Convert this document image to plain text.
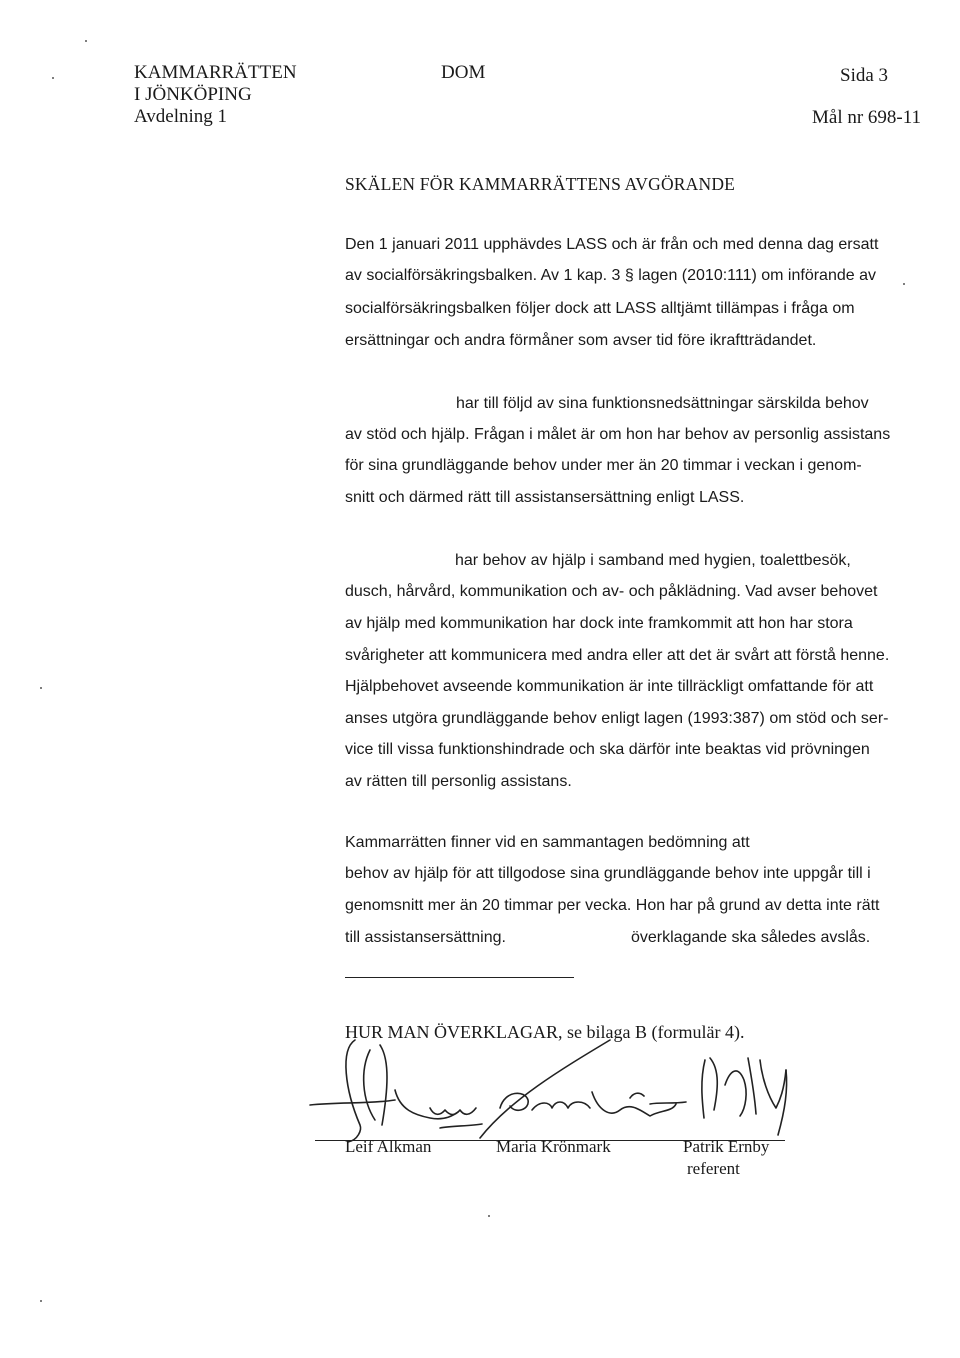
KAMMARRÄTTEN
I JÖNKÖPING
Avdelning 1
DOM	Sida 3
Mål nr 698-11
SKÄLEN FÖR KAMMARRÄTTENS AVGÖRANDE
Den 1 januari 2011 upphävdes LASS och är från och med denna dag ersatt
av socialförsäkringsbalken. Av 1 kap. 3 § lagen (2010:111) om införande av
socialförsäkringsbalken följer dock att LASS alltjämt tillämpas i fråga om
ersättningar och andra förmåner som avser tid före ikraftträdandet.
har till följd av sina funktionsnedsättningar särskilda behov
av stöd och hjälp. Frågan i målet är om hon har behov av personlig assistans
för sina grundläggande behov under mer än 20 timmar i veckan i genom-
snitt och därmed rätt till assistansersättning enligt LASS.
har behov av hjälp i samband med hygien, toalettbesök,
dusch, hårvård, kommunikation och av- och påklädning. Vad avser behovet
av hjälp med kommunikation har dock inte framkommit att hon har stora
svårigheter att kommunicera med andra eller att det är svårt att förstå henne.
Hjälpbehovet avseende kommunikation är inte tillräckligt omfattande för att
anses utgöra grundläggande behov enligt lagen (1993:387) om stöd och ser-
vice till vissa funktionshindrade och ska därför inte beaktas vid prövningen
av rätten till personlig assistans.
Kammarrätten finner vid en sammantagen bedömning att
behov av hjälp för att tillgodose sina grundläggande behov inte uppgår till i
genomsnitt mer än 20 timmar per vecka. Hon har på grund av detta inte rätt
till assistansersättning.	överklagande ska således avslås.
HUR MAN ÖVERKLAGAR, se bilaga B (formulär 4).
Leif Alkman	Maria Krönmark	Patrik Ernby
referent
